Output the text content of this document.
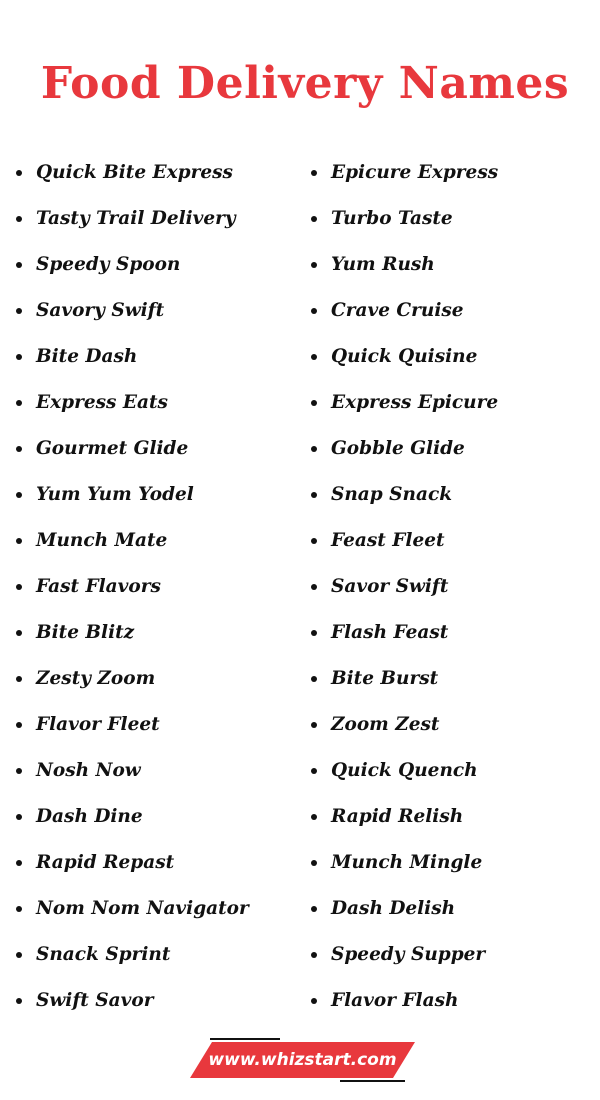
Food Delivery Names
Quick Bite Express
Tasty Trail Delivery
Speedy Spoon
Savory Swift
Bite Dash
Express Eats
Gourmet Glide
Yum Yum Yodel
Munch Mate
Fast Flavors
Bite Blitz
Zesty Zoom
Flavor Fleet
Nosh Now
Dash Dine
Rapid Repast
Nom Nom Navigator
Snack Sprint
Swift Savor
Epicure Express
Turbo Taste
Yum Rush
Crave Cruise
Quick Quisine
Express Epicure
Gobble Glide
Snap Snack
Feast Fleet
Savor Swift
Flash Feast
Bite Burst
Zoom Zest
Quick Quench
Rapid Relish
Munch Mingle
Dash Delish
Speedy Supper
Flavor Flash
www.whizstart.com
